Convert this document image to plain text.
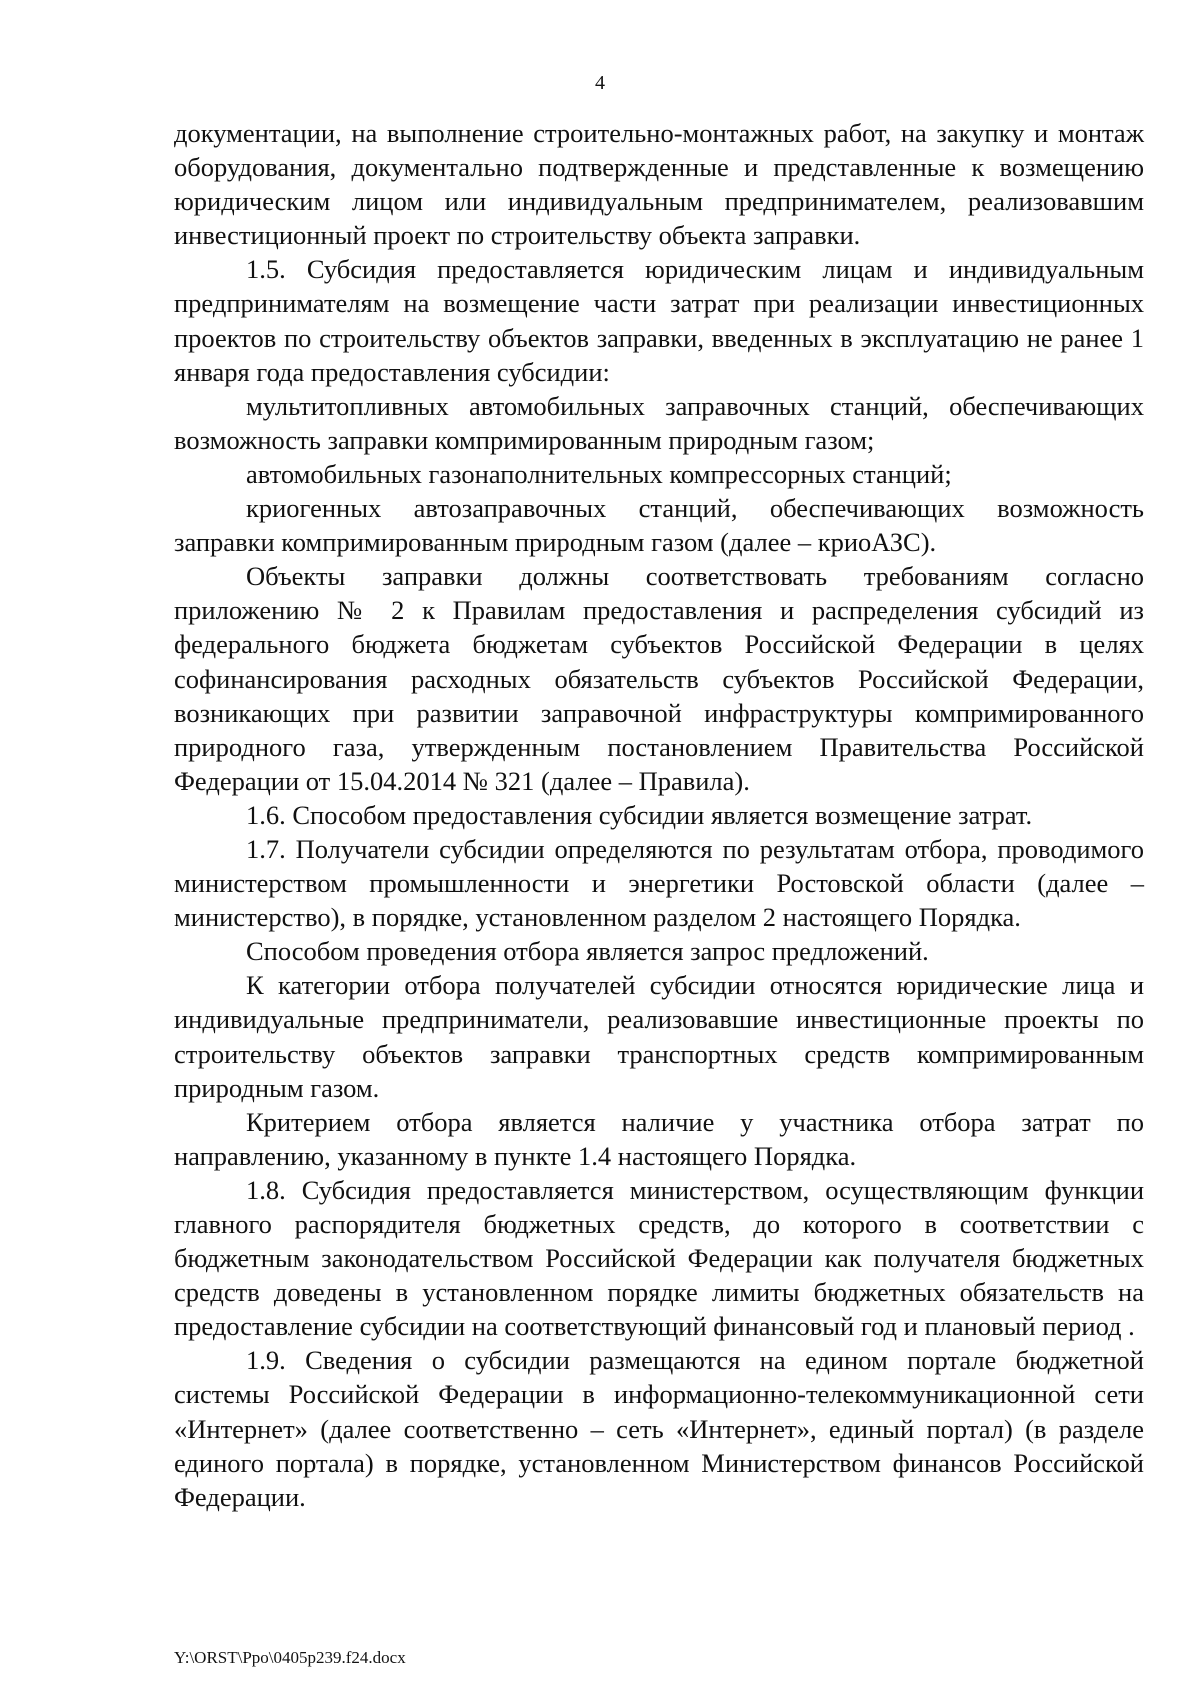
4

документации, на выполнение строительно-монтажных работ, на закупку и монтаж оборудования, документально подтвержденные и представленные к возмещению юридическим лицом или индивидуальным предпринимателем, реализовавшим инвестиционный проект по строительству объекта заправки.

1.5. Субсидия предоставляется юридическим лицам и индивидуальным предпринимателям на возмещение части затрат при реализации инвестиционных проектов по строительству объектов заправки, введенных в эксплуатацию не ранее 1 января года предоставления субсидии:

мультитопливных автомобильных заправочных станций, обеспечивающих возможность заправки компримированным природным газом;

автомобильных газонаполнительных компрессорных станций;

криогенных автозаправочных станций, обеспечивающих возможность заправки компримированным природным газом (далее – криоАЗС).

Объекты заправки должны соответствовать требованиям согласно приложению № 2 к Правилам предоставления и распределения субсидий из федерального бюджета бюджетам субъектов Российской Федерации в целях софинансирования расходных обязательств субъектов Российской Федерации, возникающих при развитии заправочной инфраструктуры компримированного природного газа, утвержденным постановлением Правительства Российской Федерации от 15.04.2014 № 321 (далее – Правила).

1.6. Способом предоставления субсидии является возмещение затрат.

1.7. Получатели субсидии определяются по результатам отбора, проводимого министерством промышленности и энергетики Ростовской области (далее – министерство), в порядке, установленном разделом 2 настоящего Порядка.

Способом проведения отбора является запрос предложений.

К категории отбора получателей субсидии относятся юридические лица и индивидуальные предприниматели, реализовавшие инвестиционные проекты по строительству объектов заправки транспортных средств компримированным природным газом.

Критерием отбора является наличие у участника отбора затрат по направлению, указанному в пункте 1.4 настоящего Порядка.

1.8. Субсидия предоставляется министерством, осуществляющим функции главного распорядителя бюджетных средств, до которого в соответствии с бюджетным законодательством Российской Федерации как получателя бюджетных средств доведены в установленном порядке лимиты бюджетных обязательств на предоставление субсидии на соответствующий финансовый год и плановый период .

1.9. Сведения о субсидии размещаются на едином портале бюджетной системы Российской Федерации в информационно-телекоммуникационной сети «Интернет» (далее соответственно – сеть «Интернет», единый портал) (в разделе единого портала) в порядке, установленном Министерством финансов Российской Федерации.

Y:\ORST\Ppo\0405p239.f24.docx
